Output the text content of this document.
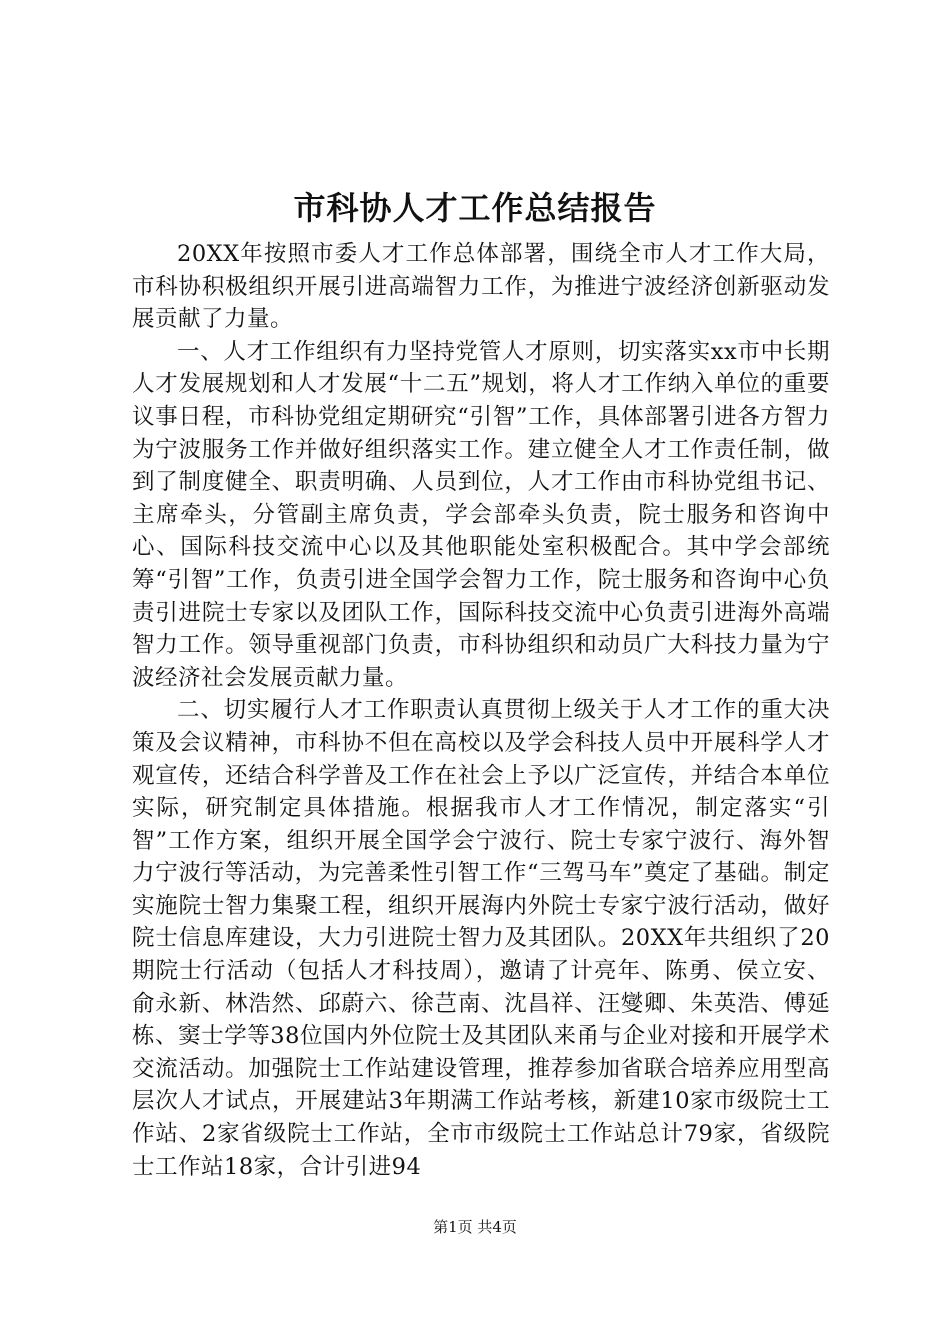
市科协人才工作总结报告

20XX年按照市委人才工作总体部署，围绕全市人才工作大局，市科协积极组织开展引进高端智力工作，为推进宁波经济创新驱动发展贡献了力量。

一、人才工作组织有力坚持党管人才原则，切实落实xx市中长期人才发展规划和人才发展“十二五”规划，将人才工作纳入单位的重要议事日程，市科协党组定期研究“引智”工作，具体部署引进各方智力为宁波服务工作并做好组织落实工作。建立健全人才工作责任制，做到了制度健全、职责明确、人员到位，人才工作由市科协党组书记、主席牵头，分管副主席负责，学会部牵头负责，院士服务和咨询中心、国际科技交流中心以及其他职能处室积极配合。其中学会部统筹“引智”工作，负责引进全国学会智力工作，院士服务和咨询中心负责引进院士专家以及团队工作，国际科技交流中心负责引进海外高端智力工作。领导重视部门负责，市科协组织和动员广大科技力量为宁波经济社会发展贡献力量。

二、切实履行人才工作职责认真贯彻上级关于人才工作的重大决策及会议精神，市科协不但在高校以及学会科技人员中开展科学人才观宣传，还结合科学普及工作在社会上予以广泛宣传，并结合本单位实际，研究制定具体措施。根据我市人才工作情况，制定落实“引智”工作方案，组织开展全国学会宁波行、院士专家宁波行、海外智力宁波行等活动，为完善柔性引智工作“三驾马车”奠定了基础。制定实施院士智力集聚工程，组织开展海内外院士专家宁波行活动，做好院士信息库建设，大力引进院士智力及其团队。20XX年共组织了20期院士行活动（包括人才科技周），邀请了计亮年、陈勇、侯立安、俞永新、林浩然、邱蔚六、徐芑南、沈昌祥、汪燮卿、朱英浩、傅延栋、窦士学等38位国内外位院士及其团队来甬与企业对接和开展学术交流活动。加强院士工作站建设管理，推荐参加省联合培养应用型高层次人才试点，开展建站3年期满工作站考核，新建10家市级院士工作站、2家省级院士工作站，全市市级院士工作站总计79家，省级院士工作站18家，合计引进94

第1页 共4页
